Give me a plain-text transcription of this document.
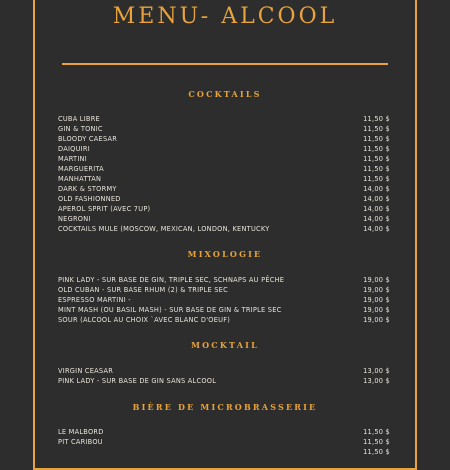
MENU- ALCOOL
COCKTAILS
CUBA LIBRE	11,50 $
GIN & TONIC	11,50 $
BLOODY CAESAR	11,50 $
DAIQUIRI	11,50 $
MARTINI	11,50 $
MARGUERITA	11,50 $
MANHATTAN	11,50 $
DARK & STORMY	14,00 $
OLD FASHIONNED	14,00 $
APEROL SPRIT (AVEC 7UP)	14,00 $
NEGRONI	14,00 $
COCKTAILS MULE (MOSCOW, MEXICAN, LONDON, KENTUCKY	14,00 $
MIXOLOGIE
PINK LADY - SUR BASE DE GIN, TRIPLE SEC, SCHNAPS AU PÊCHE	19,00 $
OLD CUBAN - SUR BASE RHUM (2) & TRIPLE SEC	19,00 $
ESPRESSO MARTINI -	19,00 $
MINT MASH (OU BASIL MASH) - SUR BASE DE GIN & TRIPLE SEC	19,00 $
SOUR (ALCOOL AU CHOIX `AVEC BLANC D'OEUF)	19,00 $
MOCKTAIL
VIRGIN CEASAR	13,00 $
PINK LADY - SUR BASE DE GIN SANS ALCOOL	13,00 $
BIÈRE DE MICROBRASSERIE
LE MALBORD	11,50 $
PIT CARIBOU	11,50 $
11,50 $
